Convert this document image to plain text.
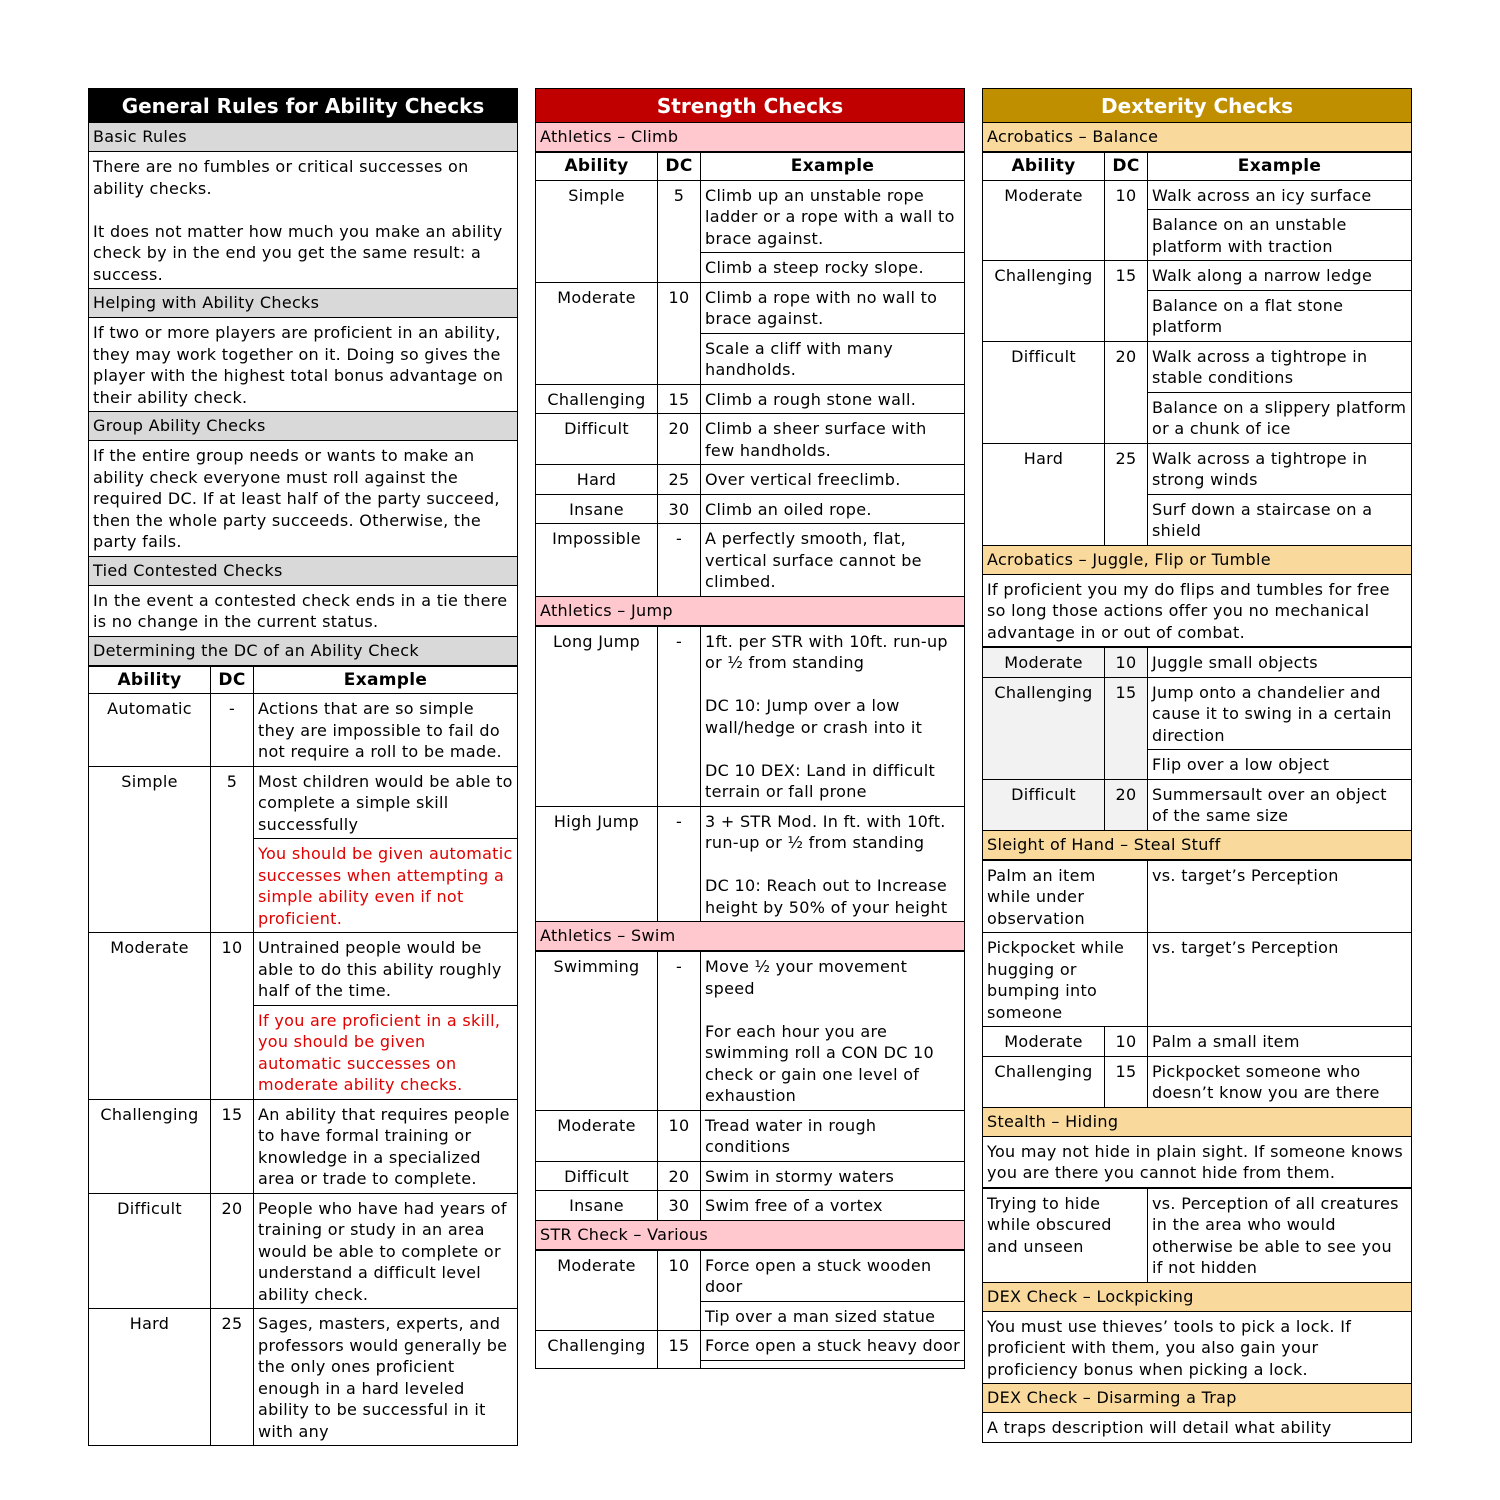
General Rules for Ability Checks
Basic Rules
There are no fumbles or critical successes on ability checks.

It does not matter how much you make an ability check by in the end you get the same result: a success.
Helping with Ability Checks
If two or more players are proficient in an ability, they may work together on it. Doing so gives the player with the highest total bonus advantage on their ability check.
Group Ability Checks
If the entire group needs or wants to make an ability check everyone must roll against the required DC. If at least half of the party succeed, then the whole party succeeds. Otherwise, the party fails.
Tied Contested Checks
In the event a contested check ends in a tie there is no change in the current status.
Determining the DC of an Ability Check
Ability	DC	Example
Automatic	-	Actions that are so simple they are impossible to fail do not require a roll to be made.
Simple	5	Most children would be able to complete a simple skill successfully
		You should be given automatic successes when attempting a simple ability even if not proficient.
Moderate	10	Untrained people would be able to do this ability roughly half of the time.
		If you are proficient in a skill, you should be given automatic successes on moderate ability checks.
Challenging	15	An ability that requires people to have formal training or knowledge in a specialized area or trade to complete.
Difficult	20	People who have had years of training or study in an area would be able to complete or understand a difficult level ability check.
Hard	25	Sages, masters, experts, and professors would generally be the only ones proficient enough in a hard leveled ability to be successful in it with any
Strength Checks
Athletics – Climb
Ability	DC	Example
Simple	5	Climb up an unstable rope ladder or a rope with a wall to brace against.
		Climb a steep rocky slope.
Moderate	10	Climb a rope with no wall to brace against.
		Scale a cliff with many handholds.
Challenging	15	Climb a rough stone wall.
Difficult	20	Climb a sheer surface with few handholds.
Hard	25	Over vertical freeclimb.
Insane	30	Climb an oiled rope.
Impossible	-	A perfectly smooth, flat, vertical surface cannot be climbed.
Athletics – Jump
Long Jump	-	1ft. per STR with 10ft. run-up or ½ from standing

DC 10: Jump over a low wall/hedge or crash into it

DC 10 DEX: Land in difficult terrain or fall prone
High Jump	-	3 + STR Mod. In ft. with 10ft. run-up or ½ from standing

DC 10: Reach out to Increase height by 50% of your height
Athletics – Swim
Swimming	-	Move ½ your movement speed

For each hour you are swimming roll a CON DC 10 check or gain one level of exhaustion
Moderate	10	Tread water in rough conditions
Difficult	20	Swim in stormy waters
Insane	30	Swim free of a vortex
STR Check – Various
Moderate	10	Force open a stuck wooden door
		Tip over a man sized statue
Challenging	15	Force open a stuck heavy door

Dexterity Checks
Acrobatics – Balance
Ability	DC	Example
Moderate	10	Walk across an icy surface
		Balance on an unstable platform with traction
Challenging	15	Walk along a narrow ledge
		Balance on a flat stone platform
Difficult	20	Walk across a tightrope in stable conditions
		Balance on a slippery platform or a chunk of ice
Hard	25	Walk across a tightrope in strong winds
		Surf down a staircase on a shield
Acrobatics – Juggle, Flip or Tumble
If proficient you my do flips and tumbles for free so long those actions offer you no mechanical advantage in or out of combat.
Moderate	10	Juggle small objects
Challenging	15	Jump onto a chandelier and cause it to swing in a certain direction
		Flip over a low object
Difficult	20	Summersault over an object of the same size
Sleight of Hand – Steal Stuff
Palm an item while under observation		vs. target’s Perception
Pickpocket while hugging or bumping into someone		vs. target’s Perception
Moderate	10	Palm a small item
Challenging	15	Pickpocket someone who doesn’t know you are there
Stealth – Hiding
You may not hide in plain sight. If someone knows you are there you cannot hide from them.
Trying to hide while obscured and unseen	vs. Perception of all creatures in the area who would otherwise be able to see you if not hidden
DEX Check – Lockpicking
You must use thieves’ tools to pick a lock. If proficient with them, you also gain your proficiency bonus when picking a lock.
DEX Check – Disarming a Trap
A traps description will detail what ability
